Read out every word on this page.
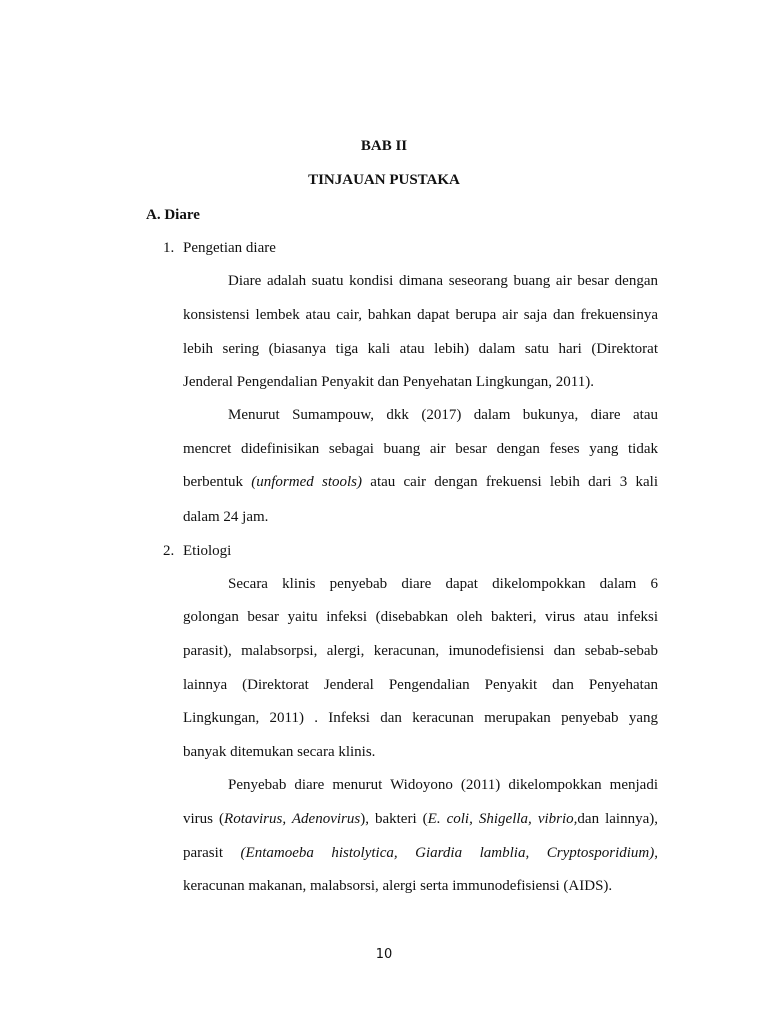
BAB II
TINJAUAN PUSTAKA
A. Diare
1. Pengetian diare
Diare adalah suatu kondisi dimana seseorang buang air besar dengan
konsistensi lembek atau cair, bahkan dapat berupa air saja dan frekuensinya
lebih sering (biasanya tiga kali atau lebih) dalam satu hari (Direktorat
Jenderal Pengendalian Penyakit dan Penyehatan Lingkungan, 2011).
Menurut Sumampouw, dkk (2017) dalam bukunya, diare atau
mencret didefinisikan sebagai buang air besar dengan feses yang tidak
berbentuk (unformed stools) atau cair dengan frekuensi lebih dari 3 kali
dalam 24 jam.
2. Etiologi
Secara klinis penyebab diare dapat dikelompokkan dalam 6
golongan besar yaitu infeksi (disebabkan oleh bakteri, virus atau infeksi
parasit), malabsorpsi, alergi, keracunan, imunodefisiensi dan sebab-sebab
lainnya (Direktorat Jenderal Pengendalian Penyakit dan Penyehatan
Lingkungan, 2011) . Infeksi dan keracunan merupakan penyebab yang
banyak ditemukan secara klinis.
Penyebab diare menurut Widoyono (2011) dikelompokkan menjadi
virus (Rotavirus, Adenovirus), bakteri (E. coli, Shigella, vibrio,dan lainnya),
parasit (Entamoeba histolytica, Giardia lamblia, Cryptosporidium),
keracunan makanan, malabsorsi, alergi serta immunodefisiensi (AIDS).
10
